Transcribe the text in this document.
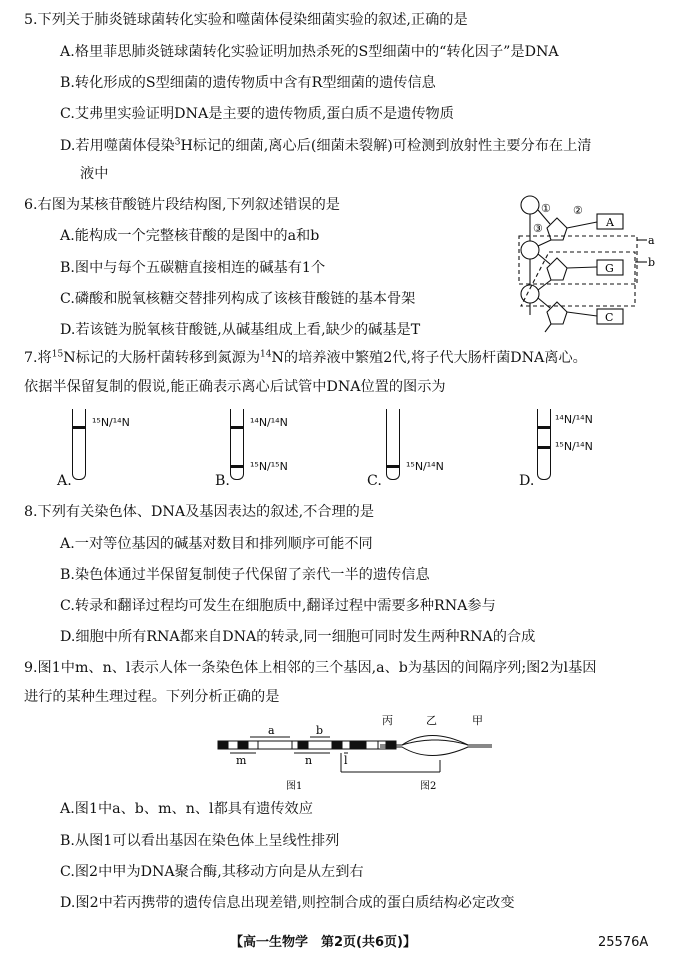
5.下列关于肺炎链球菌转化实验和噬菌体侵染细菌实验的叙述,正确的是
A.格里菲思肺炎链球菌转化实验证明加热杀死的S型细菌中的“转化因子”是DNA
B.转化形成的S型细菌的遗传物质中含有R型细菌的遗传信息
C.艾弗里实验证明DNA是主要的遗传物质,蛋白质不是遗传物质
D.若用噬菌体侵染$^3$H标记的细菌,离心后(细菌未裂解)可检测到放射性主要分布在上清
液中
6.右图为某核苷酸链片段结构图,下列叙述错误的是
A.能构成一个完整核苷酸的是图中的a和b
B.图中与每个五碳糖直接相连的碱基有1个
C.磷酸和脱氧核糖交替排列构成了该核苷酸链的基本骨架
D.若该链为脱氧核苷酸链,从碱基组成上看,缺少的碱基是T
① ②
③	A
G
C
a
b
7.将$^{15}$N标记的大肠杆菌转移到氮源为$^{14}$N的培养液中繁殖2代,将子代大肠杆菌DNA离心。
依据半保留复制的假说,能正确表示离心后试管中DNA位置的图示为
¹⁵N/¹⁴N
A.
¹⁴N/¹⁴N
¹⁵N/¹⁵N
B.
¹⁵N/¹⁴N
C.
¹⁴N/¹⁴N
¹⁵N/¹⁴N
D.
8.下列有关染色体、DNA及基因表达的叙述,不合理的是
A.一对等位基因的碱基对数目和排列顺序可能不同
B.染色体通过半保留复制使子代保留了亲代一半的遗传信息
C.转录和翻译过程均可发生在细胞质中,翻译过程中需要多种RNA参与
D.细胞中所有RNA都来自DNA的转录,同一细胞可同时发生两种RNA的合成
9.图1中m、n、l表示人体一条染色体上相邻的三个基因,a、b为基因的间隔序列;图2为l基因
进行的某种生理过程。下列分析正确的是
a	b
m	n	l
丙	乙	甲
图1	图2
A.图1中a、b、m、n、l都具有遗传效应
B.从图1可以看出基因在染色体上呈线性排列
C.图2中甲为DNA聚合酶,其移动方向是从左到右
D.图2中若丙携带的遗传信息出现差错,则控制合成的蛋白质结构必定改变
【高一生物学　第2页(共6页)】	25576A
